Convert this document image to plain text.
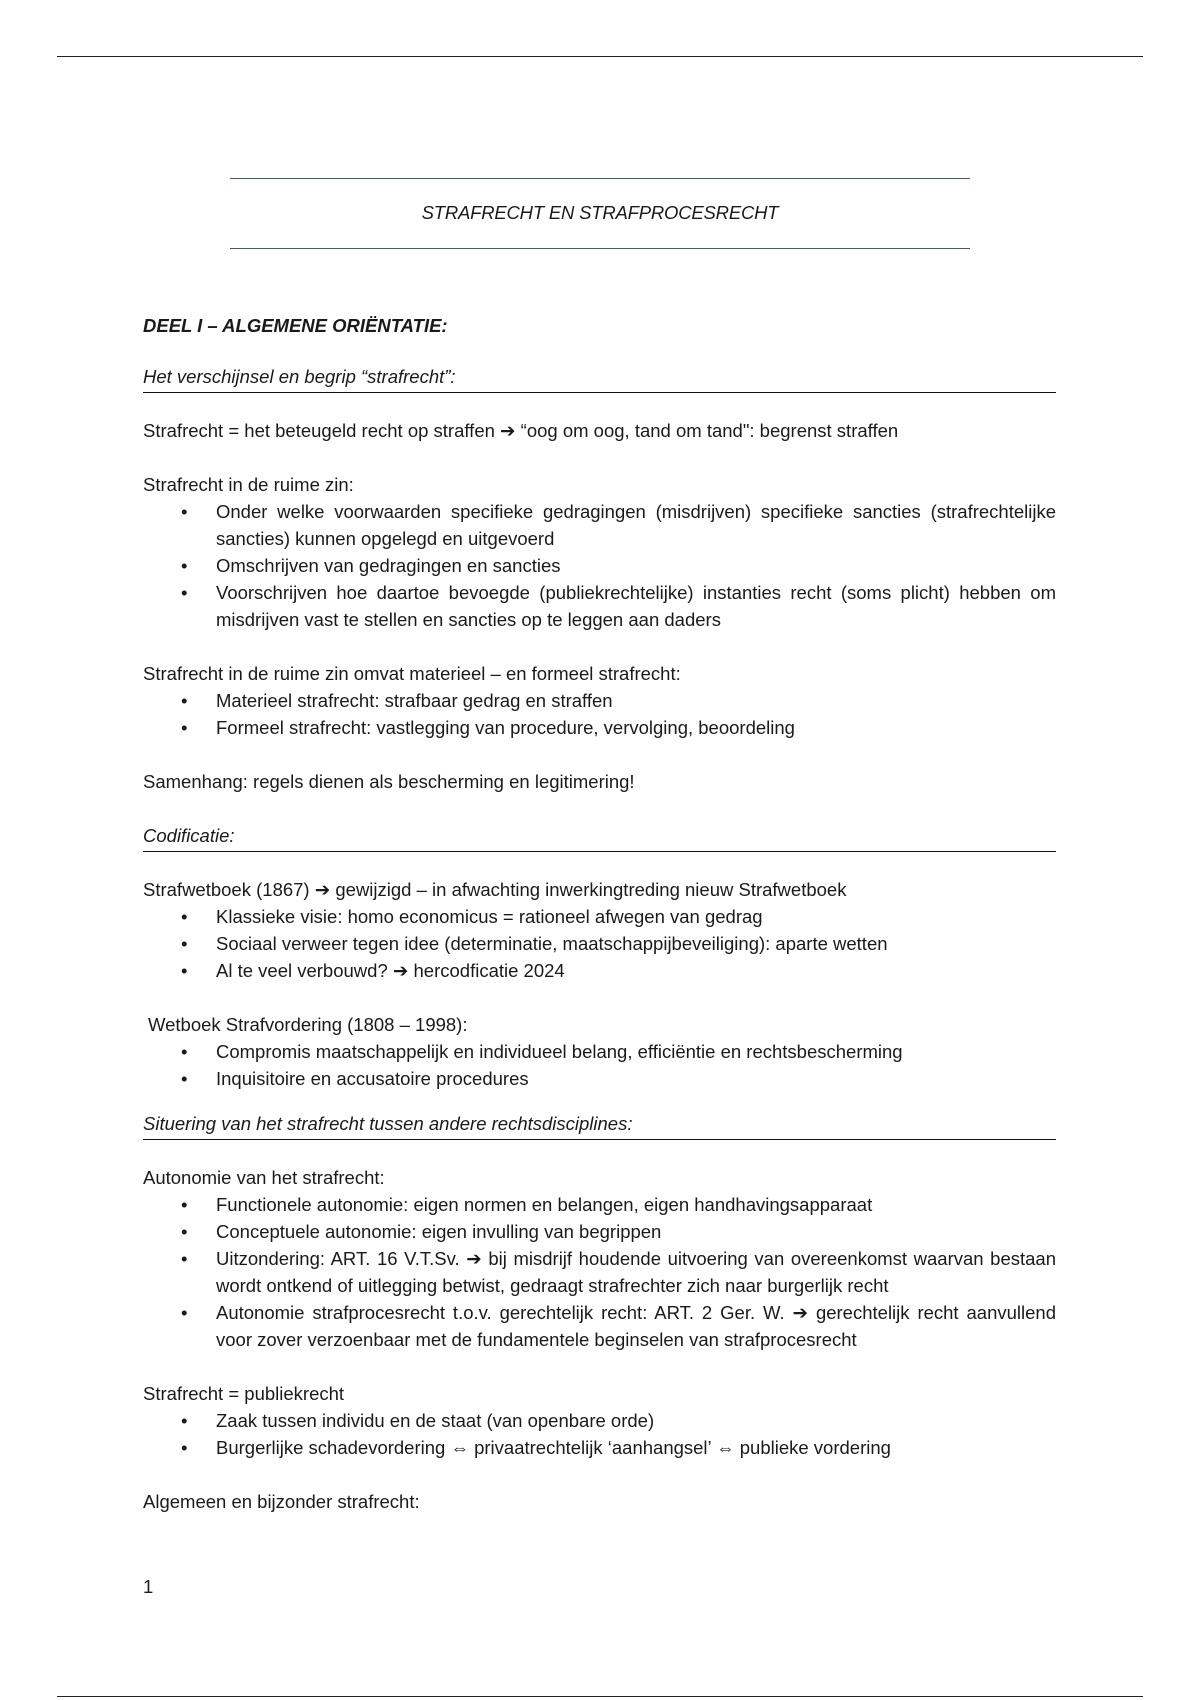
STRAFRECHT EN STRAFPROCESRECHT

DEEL I – ALGEMENE ORIËNTATIE:

Het verschijnsel en begrip “strafrecht”:

Strafrecht = het beteugeld recht op straffen ➔ “oog om oog, tand om tand": begrenst straffen

Strafrecht in de ruime zin:

• Onder welke voorwaarden specifieke gedragingen (misdrijven) specifieke sancties (strafrechtelijke sancties) kunnen opgelegd en uitgevoerd
• Omschrijven van gedragingen en sancties
• Voorschrijven hoe daartoe bevoegde (publiekrechtelijke) instanties recht (soms plicht) hebben om misdrijven vast te stellen en sancties op te leggen aan daders

Strafrecht in de ruime zin omvat materieel – en formeel strafrecht:

• Materieel strafrecht: strafbaar gedrag en straffen
• Formeel strafrecht: vastlegging van procedure, vervolging, beoordeling

Samenhang: regels dienen als bescherming en legitimering!

Codificatie:

Strafwetboek (1867) ➔ gewijzigd – in afwachting inwerkingtreding nieuw Strafwetboek

• Klassieke visie: homo economicus = rationeel afwegen van gedrag
• Sociaal verweer tegen idee (determinatie, maatschappijbeveiliging): aparte wetten
• Al te veel verbouwd? ➔ hercodficatie 2024

Wetboek Strafvordering (1808 – 1998):

• Compromis maatschappelijk en individueel belang, efficiëntie en rechtsbescherming
• Inquisitoire en accusatoire procedures

Situering van het strafrecht tussen andere rechtsdisciplines:

Autonomie van het strafrecht:

• Functionele autonomie: eigen normen en belangen, eigen handhavingsapparaat
• Conceptuele autonomie: eigen invulling van begrippen
• Uitzondering: ART. 16 V.T.Sv. ➔ bij misdrijf houdende uitvoering van overeenkomst waarvan bestaan wordt ontkend of uitlegging betwist, gedraagt strafrechter zich naar burgerlijk recht
• Autonomie strafprocesrecht t.o.v. gerechtelijk recht: ART. 2 Ger. W. ➔ gerechtelijk recht aanvullend voor zover verzoenbaar met de fundamentele beginselen van strafprocesrecht

Strafrecht = publiekrecht

• Zaak tussen individu en de staat (van openbare orde)
• Burgerlijke schadevordering ⇔ privaatrechtelijk ‘aanhangsel’ ⇔ publieke vordering

Algemeen en bijzonder strafrecht:

1
